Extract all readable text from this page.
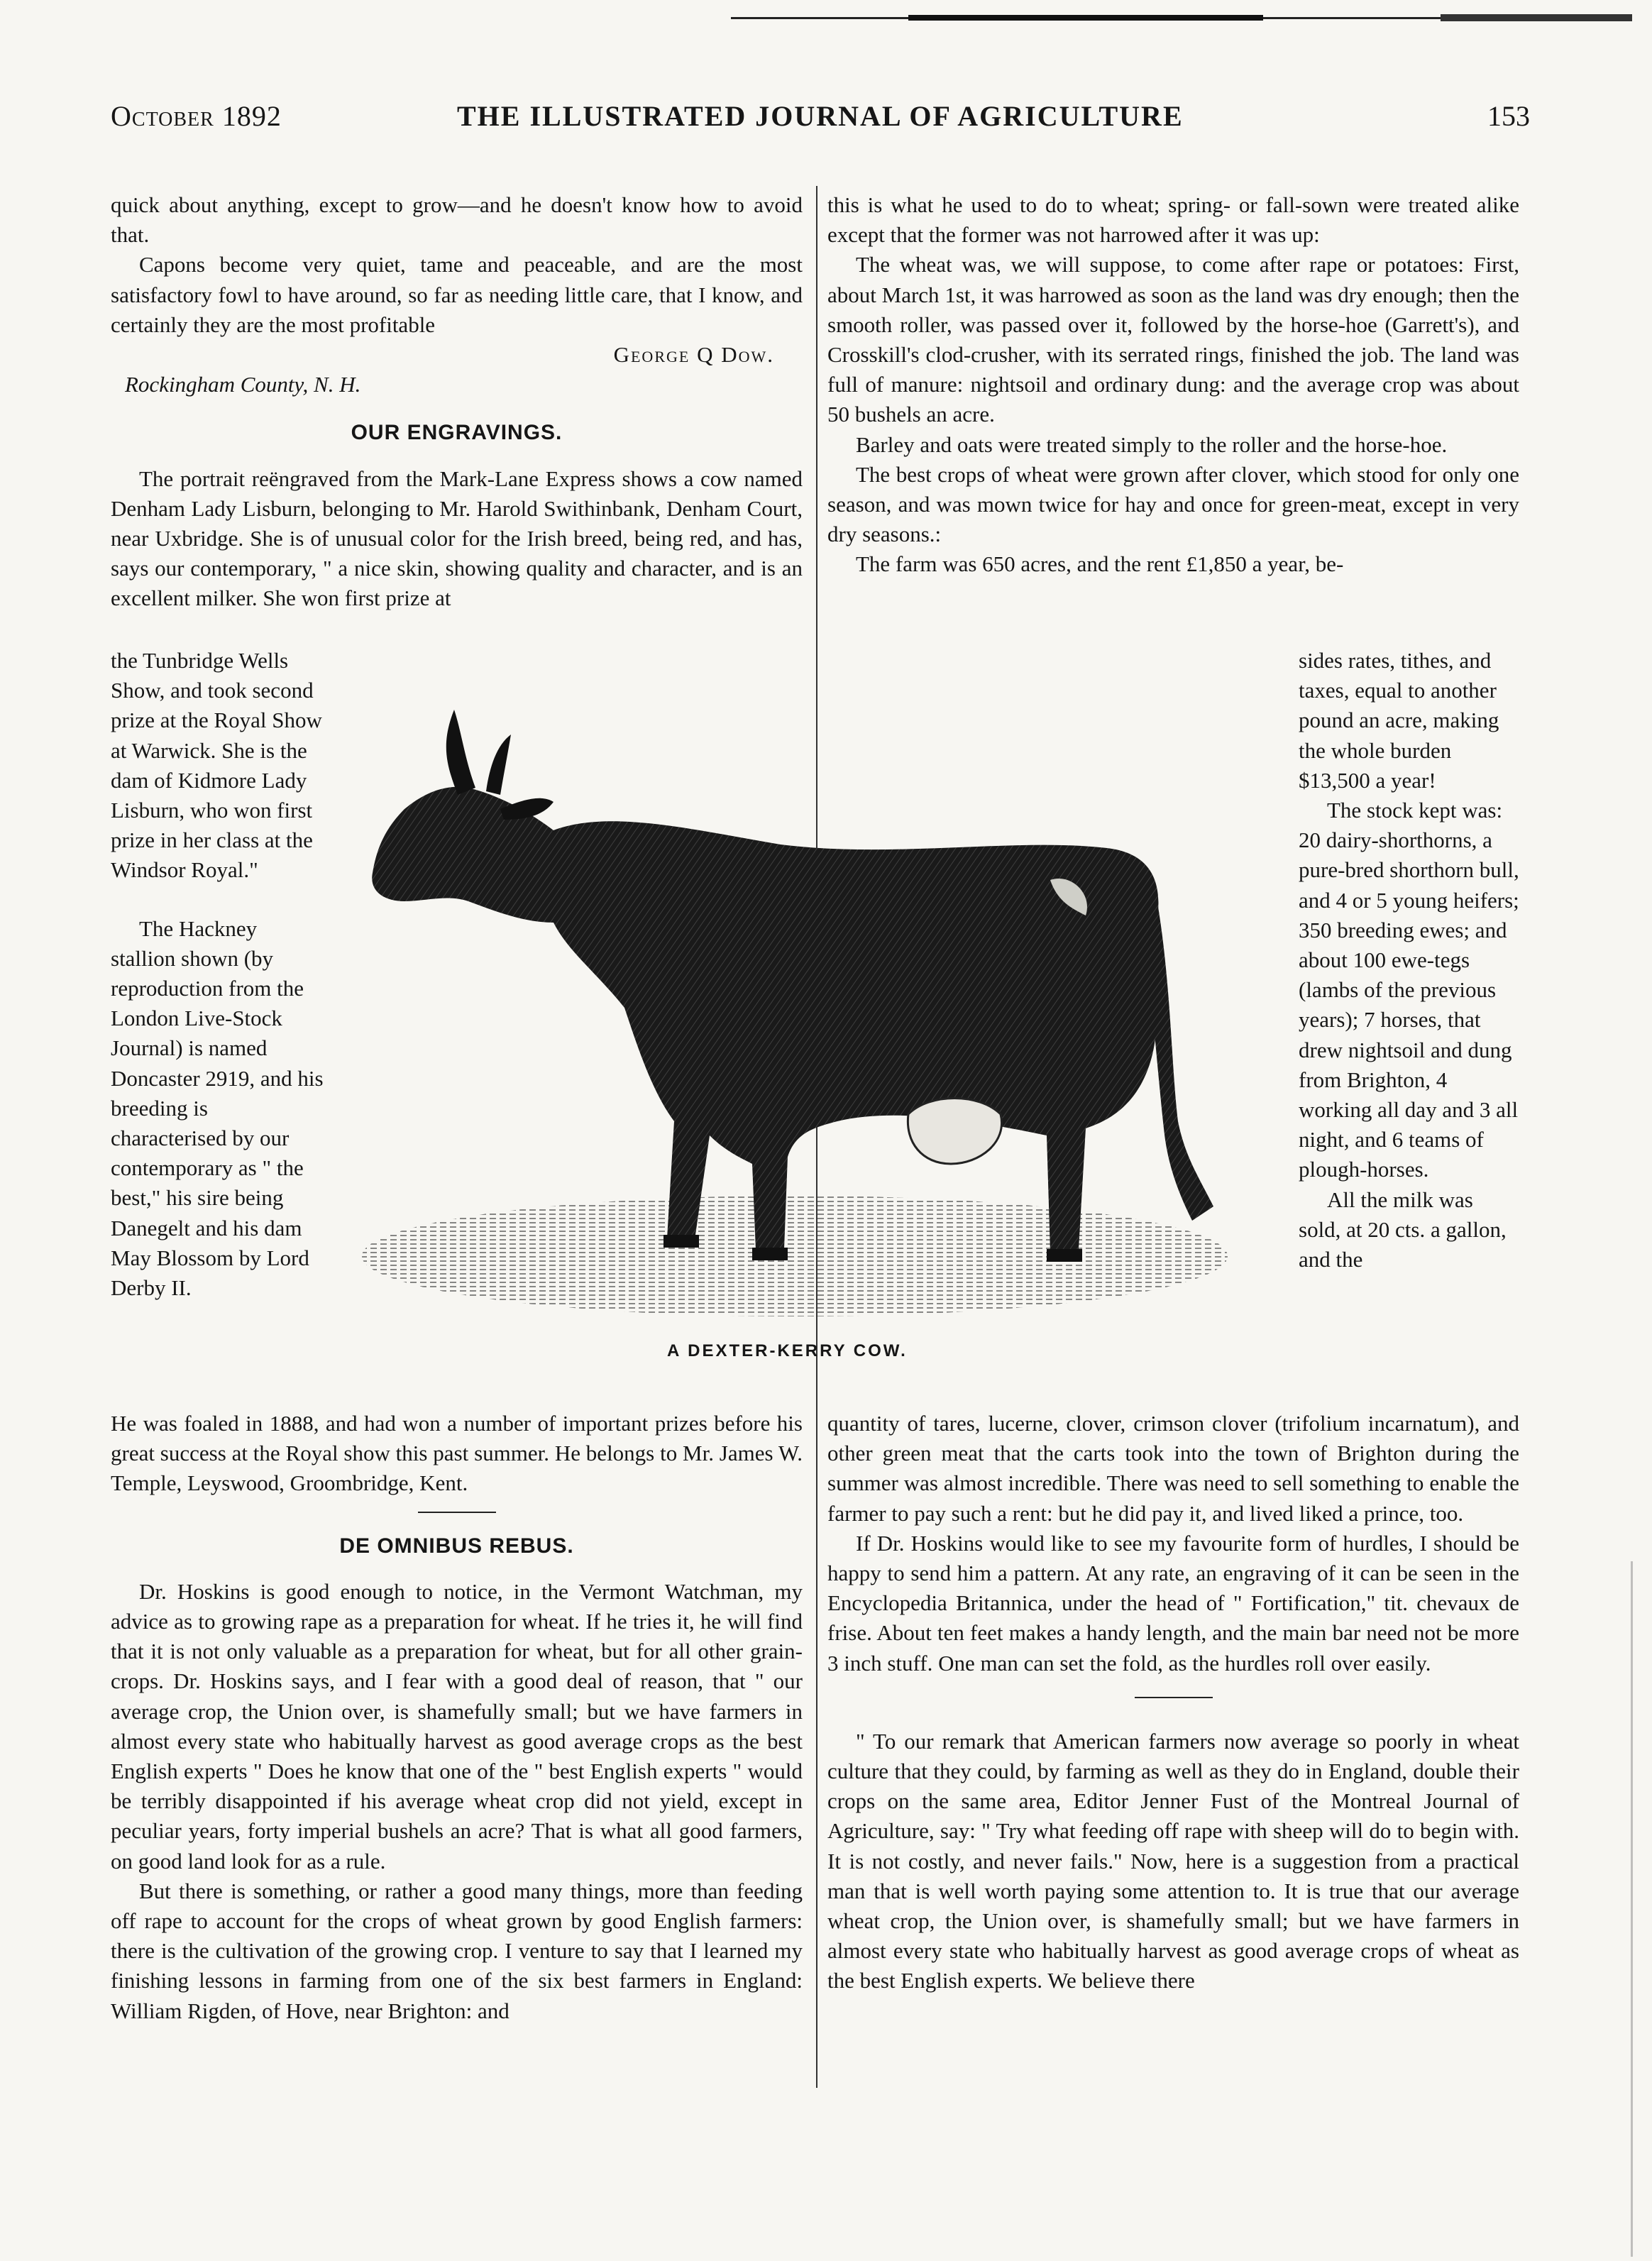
October 1892	THE ILLUSTRATED JOURNAL OF AGRICULTURE	153

quick about anything, except to grow—and he doesn't know how to avoid that.

Capons become very quiet, tame and peaceable, and are the most satisfactory fowl to have around, so far as needing little care, that I know, and certainly they are the most profitable

George Q Dow.

Rockingham County, N. H.

OUR ENGRAVINGS.

The portrait reëngraved from the Mark-Lane Express shows a cow named Denham Lady Lisburn, belonging to Mr. Harold Swithinbank, Denham Court, near Uxbridge. She is of unusual color for the Irish breed, being red, and has, says our contemporary, " a nice skin, showing quality and character, and is an excellent milker. She won first prize at

the Tunbridge Wells Show, and took second prize at the Royal Show at Warwick. She is the dam of Kidmore Lady Lisburn, who won first prize in her class at the Windsor Royal."

The Hackney stallion shown (by reproduction from the London Live-Stock Journal) is named Doncaster 2919, and his breeding is characterised by our contemporary as " the best," his sire being Danegelt and his dam May Blossom by Lord Derby II.

He was foaled in 1888, and had won a number of important prizes before his great success at the Royal show this past summer. He belongs to Mr. James W. Temple, Leyswood, Groombridge, Kent.

DE OMNIBUS REBUS.

Dr. Hoskins is good enough to notice, in the Vermont Watchman, my advice as to growing rape as a preparation for wheat. If he tries it, he will find that it is not only valuable as a preparation for wheat, but for all other grain-crops. Dr. Hoskins says, and I fear with a good deal of reason, that " our average crop, the Union over, is shamefully small; but we have farmers in almost every state who habitually harvest as good average crops as the best English experts " Does he know that one of the " best English experts " would be terribly disappointed if his average wheat crop did not yield, except in peculiar years, forty imperial bushels an acre? That is what all good farmers, on good land look for as a rule.

But there is something, or rather a good many things, more than feeding off rape to account for the crops of wheat grown by good English farmers: there is the cultivation of the growing crop. I venture to say that I learned my finishing lessons in farming from one of the six best farmers in England: William Rigden, of Hove, near Brighton: and

this is what he used to do to wheat; spring- or fall-sown were treated alike except that the former was not harrowed after it was up:

The wheat was, we will suppose, to come after rape or potatoes: First, about March 1st, it was harrowed as soon as the land was dry enough; then the smooth roller, was passed over it, followed by the horse-hoe (Garrett's), and Crosskill's clod-crusher, with its serrated rings, finished the job. The land was full of manure: nightsoil and ordinary dung: and the average crop was about 50 bushels an acre.

Barley and oats were treated simply to the roller and the horse-hoe.

The best crops of wheat were grown after clover, which stood for only one season, and was mown twice for hay and once for green-meat, except in very dry seasons.:

The farm was 650 acres, and the rent £1,850 a year, be-

sides rates, tithes, and taxes, equal to another pound an acre, making the whole burden $13,500 a year!

The stock kept was: 20 dairy-shorthorns, a pure-bred shorthorn bull, and 4 or 5 young heifers; 350 breeding ewes; and about 100 ewe-tegs (lambs of the previous years); 7 horses, that drew nightsoil and dung from Brighton, 4 working all day and 3 all night, and 6 teams of plough-horses.

All the milk was sold, at 20 cts. a gallon, and the

quantity of tares, lucerne, clover, crimson clover (trifolium incarnatum), and other green meat that the carts took into the town of Brighton during the summer was almost incredible. There was need to sell something to enable the farmer to pay such a rent: but he did pay it, and lived liked a prince, too.

If Dr. Hoskins would like to see my favourite form of hurdles, I should be happy to send him a pattern. At any rate, an engraving of it can be seen in the Encyclopedia Britannica, under the head of " Fortification," tit. chevaux de frise. About ten feet makes a handy length, and the main bar need not be more 3 inch stuff. One man can set the fold, as the hurdles roll over easily.

" To our remark that American farmers now average so poorly in wheat culture that they could, by farming as well as they do in England, double their crops on the same area, Editor Jenner Fust of the Montreal Journal of Agriculture, say: " Try what feeding off rape with sheep will do to begin with. It is not costly, and never fails." Now, here is a suggestion from a practical man that is well worth paying some attention to. It is true that our average wheat crop, the Union over, is shamefully small; but we have farmers in almost every state who habitually harvest as good average crops of wheat as the best English experts. We believe there

A DEXTER-KERRY COW.
